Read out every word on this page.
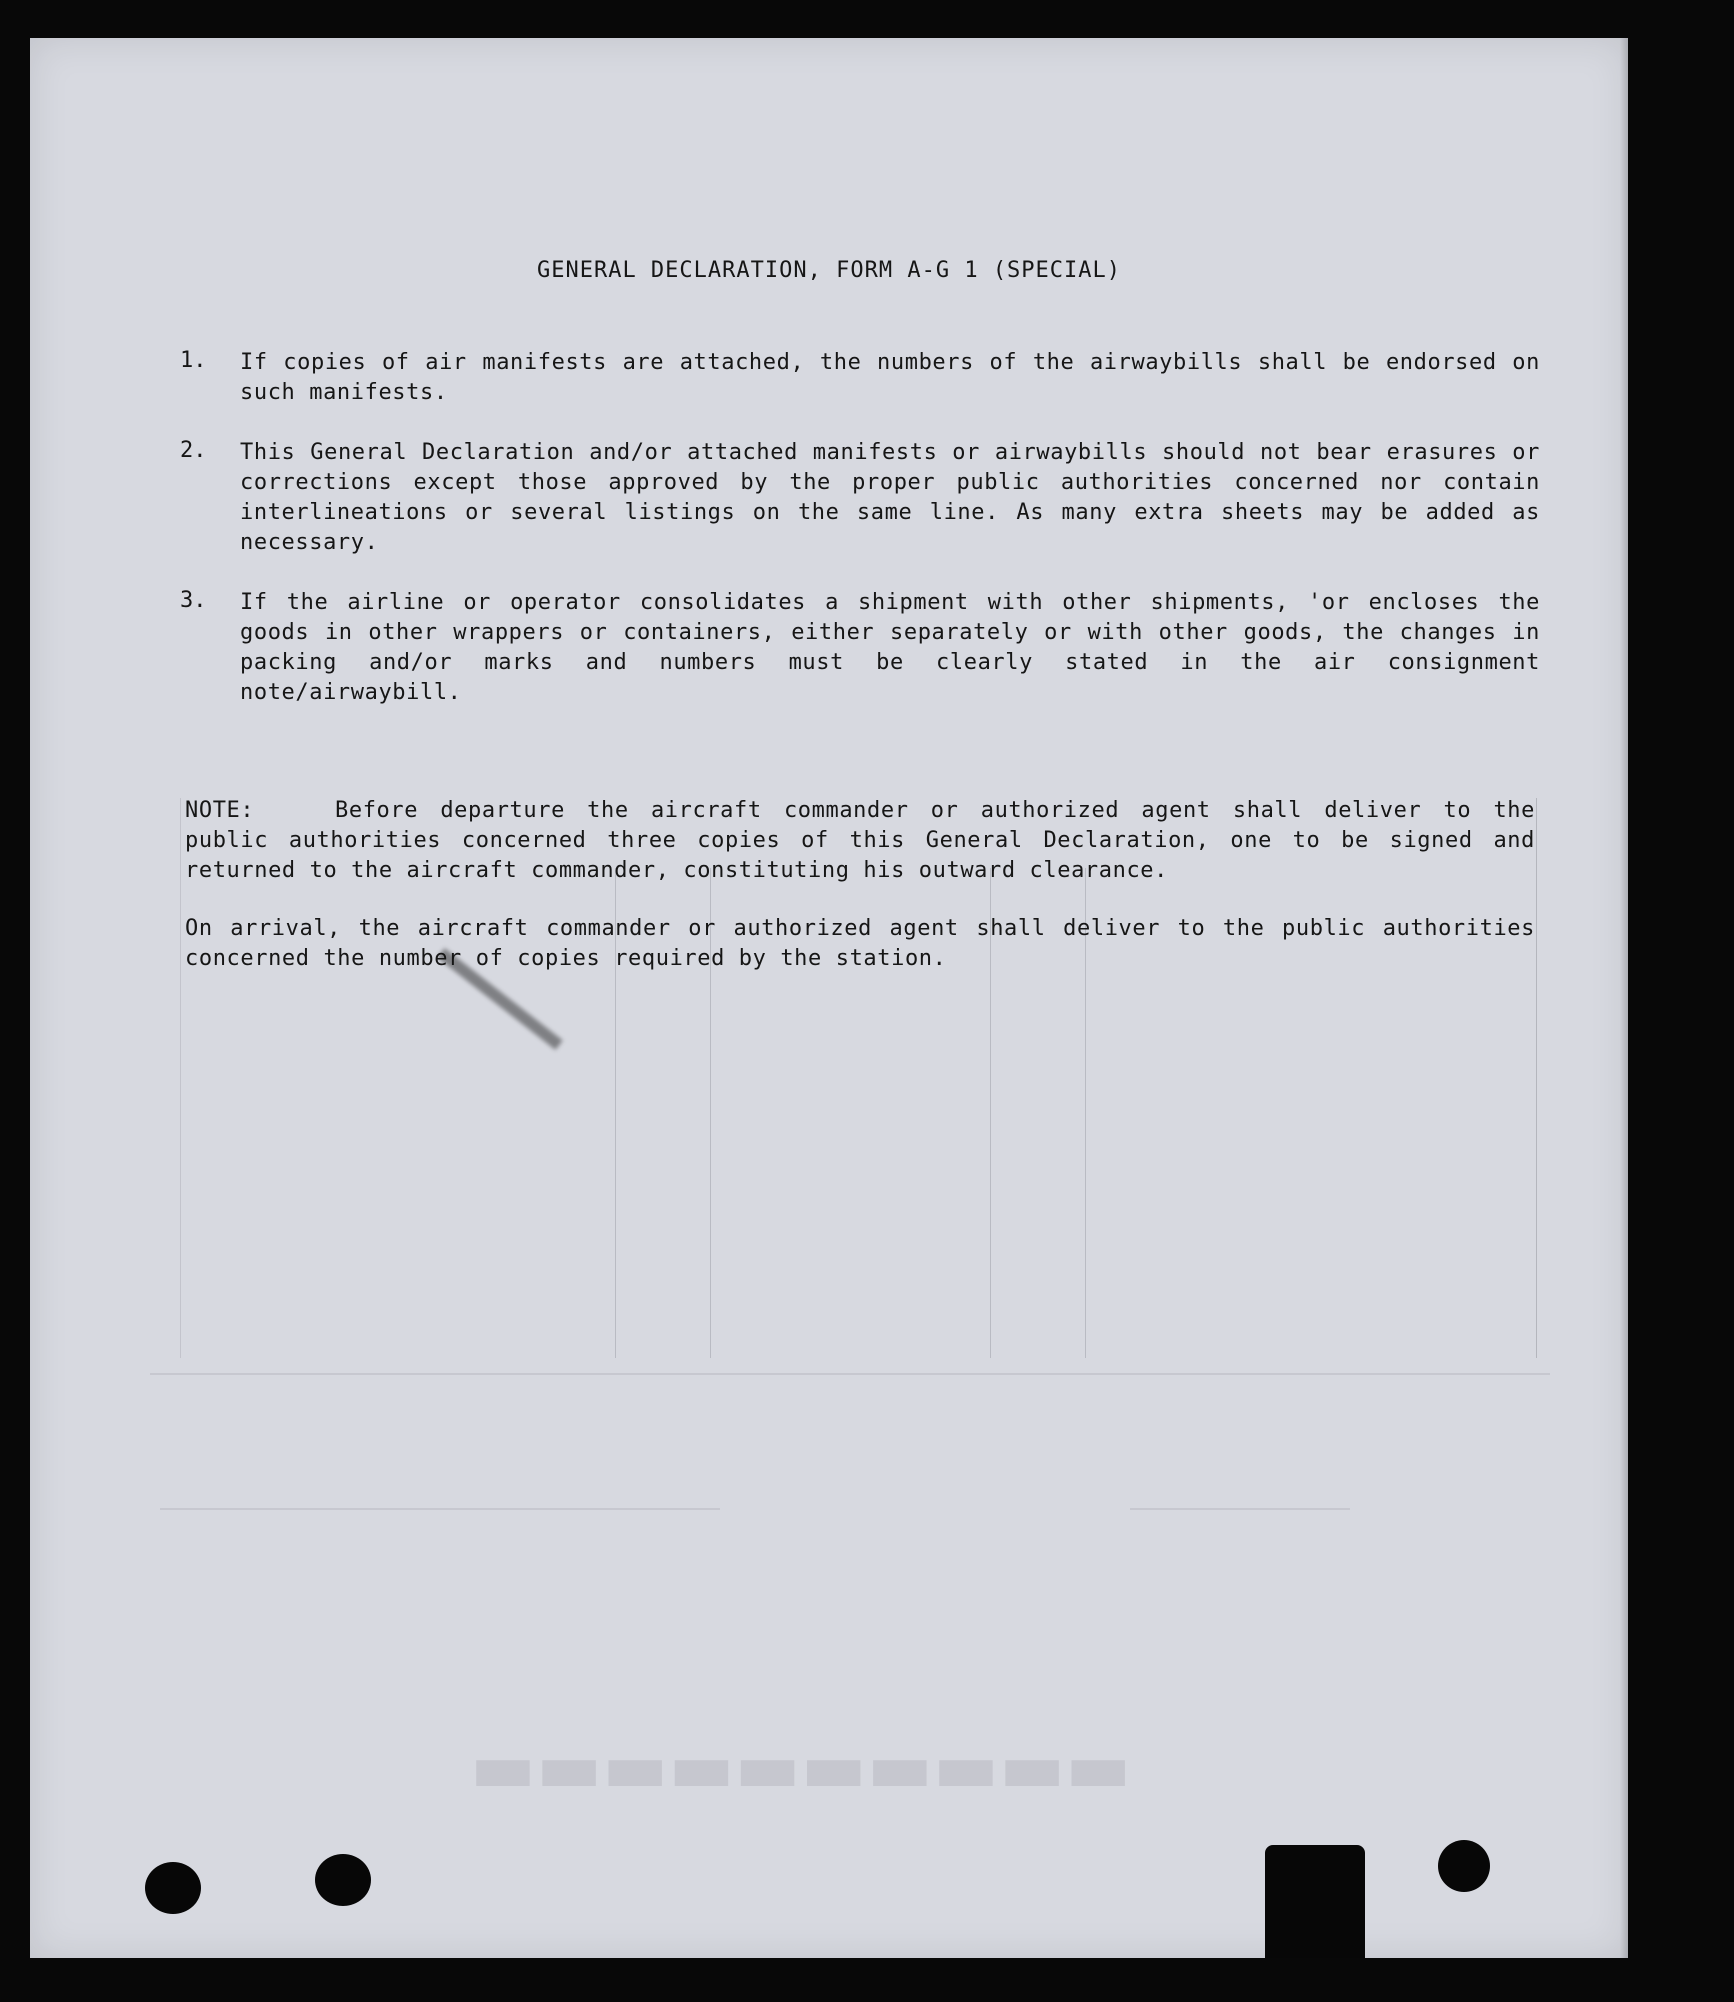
▬▬▬▬▬▬▬▬▬▬
GENERAL DECLARATION, FORM A-G 1 (SPECIAL)
1.	If copies of air manifests are attached, the numbers of the airwaybills shall be endorsed on such manifests.
2.	This General Declaration and/or attached manifests or airwaybills should not bear erasures or corrections except those approved by the proper public authorities concerned nor contain interlineations or several listings on the same line. As many extra sheets may be added as necessary.
3.	If the airline or operator consolidates a shipment with other shipments, 'or encloses the goods in other wrappers or containers, either separately or with other goods, the changes in packing and/or marks and numbers must be clearly stated in the air consignment note/airwaybill.

NOTE:	Before departure the aircraft commander or authorized agent shall deliver to the public authorities concerned three copies of this General Declaration, one to be signed and returned to the aircraft commander, constituting his outward clearance.

On arrival, the aircraft commander or authorized agent shall deliver to the public authorities concerned the number of copies required by the station.
